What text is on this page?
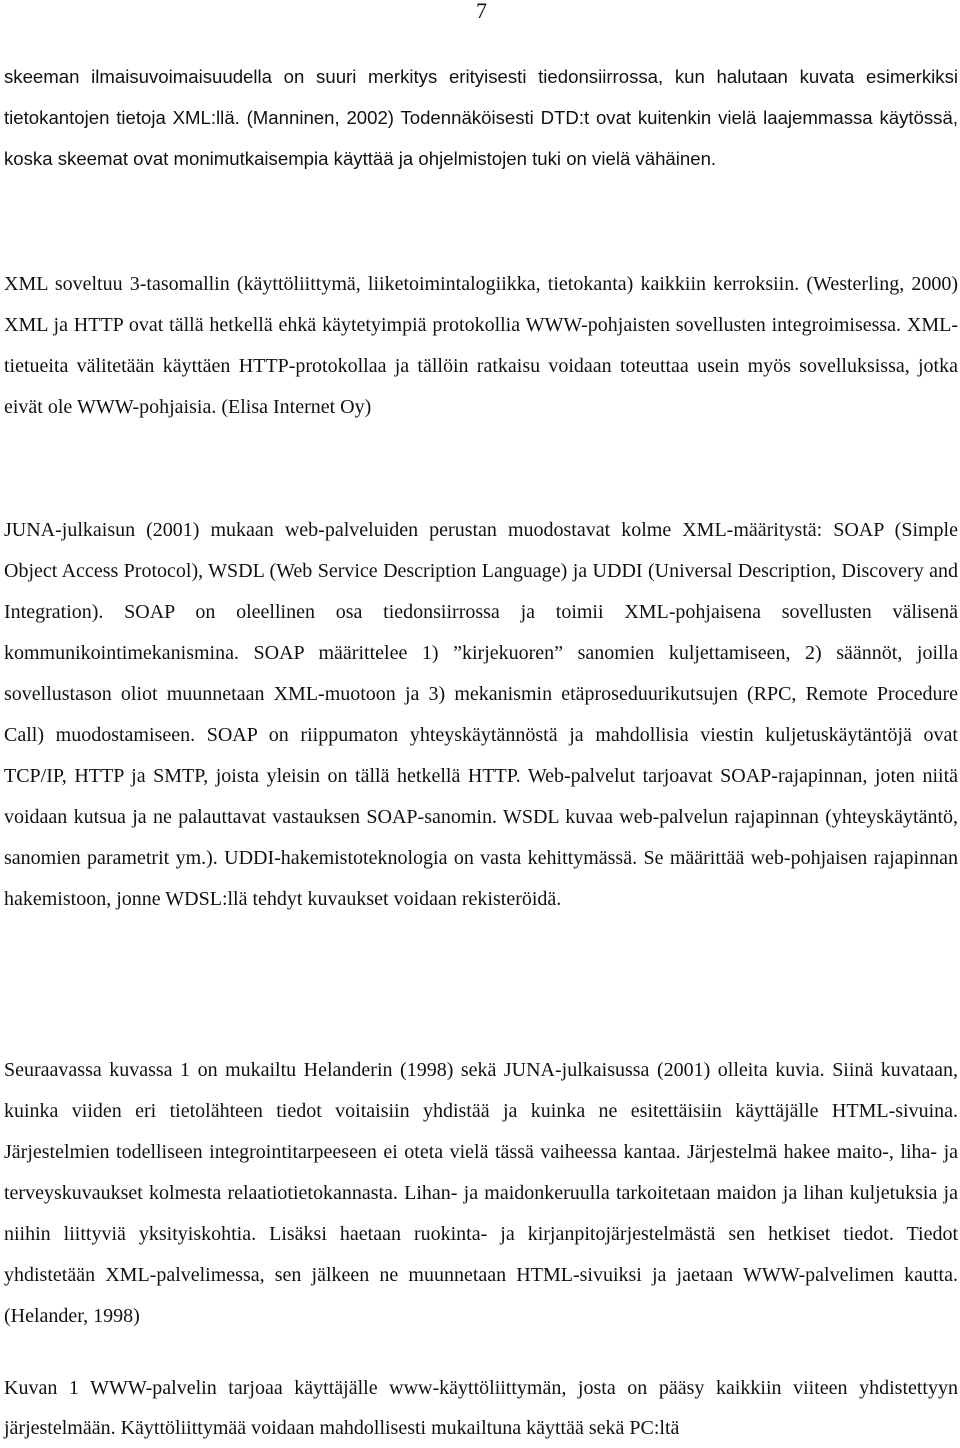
7

skeeman ilmaisuvoimaisuudella on suuri merkitys erityisesti tiedonsiirrossa, kun halutaan kuvata esimerkiksi tietokantojen tietoja XML:llä. (Manninen, 2002) Todennäköisesti DTD:t ovat kuitenkin vielä laajemmassa käytössä, koska skeemat ovat monimutkaisempia käyttää ja ohjelmistojen tuki on vielä vähäinen.

XML soveltuu 3-tasomallin (käyttöliittymä, liiketoimintalogiikka, tietokanta) kaikkiin kerroksiin. (Westerling, 2000) XML ja HTTP ovat tällä hetkellä ehkä käytetyimpiä protokollia WWW-pohjaisten sovellusten integroimisessa. XML-tietueita välitetään käyttäen HTTP-protokollaa ja tällöin ratkaisu voidaan toteuttaa usein myös sovelluksissa, jotka eivät ole WWW-pohjaisia. (Elisa Internet Oy)

JUNA-julkaisun (2001) mukaan web-palveluiden perustan muodostavat kolme XML-määritystä: SOAP (Simple Object Access Protocol), WSDL (Web Service Description Language) ja UDDI (Universal Description, Discovery and Integration). SOAP on oleellinen osa tiedonsiirrossa ja toimii XML-pohjaisena sovellusten välisenä kommunikointimekanismina. SOAP määrittelee 1) ”kirjekuoren” sanomien kuljettamiseen, 2) säännöt, joilla sovellustason oliot muunnetaan XML-muotoon ja 3) mekanismin etäproseduurikutsujen (RPC, Remote Procedure Call) muodostamiseen. SOAP on riippumaton yhteyskäytännöstä ja mahdollisia viestin kuljetuskäytäntöjä ovat TCP/IP, HTTP ja SMTP, joista yleisin on tällä hetkellä HTTP. Web-palvelut tarjoavat SOAP-rajapinnan, joten niitä voidaan kutsua ja ne palauttavat vastauksen SOAP-sanomin. WSDL kuvaa web-palvelun rajapinnan (yhteyskäytäntö, sanomien parametrit ym.). UDDI-hakemistoteknologia on vasta kehittymässä. Se määrittää web-pohjaisen rajapinnan hakemistoon, jonne WDSL:llä tehdyt kuvaukset voidaan rekisteröidä.

Seuraavassa kuvassa 1 on mukailtu Helanderin (1998) sekä JUNA-julkaisussa (2001) olleita kuvia. Siinä kuvataan, kuinka viiden eri tietolähteen tiedot voitaisiin yhdistää ja kuinka ne esitettäisiin käyttäjälle HTML-sivuina. Järjestelmien todelliseen integrointitarpeeseen ei oteta vielä tässä vaiheessa kantaa. Järjestelmä hakee maito-, liha- ja terveyskuvaukset kolmesta relaatiotietokannasta. Lihan- ja maidonkeruulla tarkoitetaan maidon ja lihan kuljetuksia ja niihin liittyviä yksityiskohtia. Lisäksi haetaan ruokinta- ja kirjanpitojärjestelmästä sen hetkiset tiedot. Tiedot yhdistetään XML-palvelimessa, sen jälkeen ne muunnetaan HTML-sivuiksi ja jaetaan WWW-palvelimen kautta. (Helander, 1998)

Kuvan 1 WWW-palvelin tarjoaa käyttäjälle www-käyttöliittymän, josta on pääsy kaikkiin viiteen yhdistettyyn järjestelmään. Käyttöliittymää voidaan mahdollisesti mukailtuna käyttää sekä PC:ltä
